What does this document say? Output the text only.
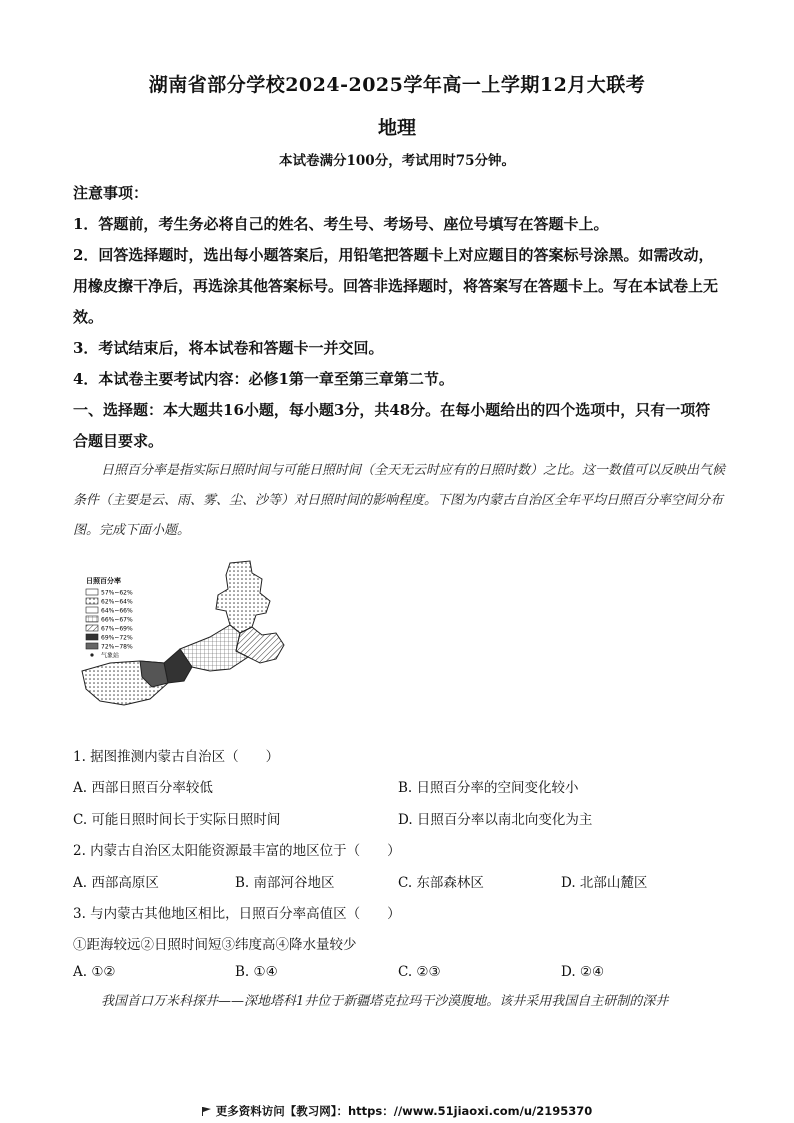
湖南省部分学校2024-2025学年高一上学期12月大联考
地理
本试卷满分100分，考试用时75分钟。
注意事项：
1．答题前，考生务必将自己的姓名、考生号、考场号、座位号填写在答题卡上。
2．回答选择题时，选出每小题答案后，用铅笔把答题卡上对应题目的答案标号涂黑。如需改动，用橡皮擦干净后，再选涂其他答案标号。回答非选择题时，将答案写在答题卡上。写在本试卷上无效。
3．考试结束后，将本试卷和答题卡一并交回。
4．本试卷主要考试内容：必修1第一章至第三章第二节。
一、选择题：本大题共16小题，每小题3分，共48分。在每小题给出的四个选项中，只有一项符合题目要求。
日照百分率是指实际日照时间与可能日照时间（全天无云时应有的日照时数）之比。这一数值可以反映出气候条件（主要是云、雨、雾、尘、沙等）对日照时间的影响程度。下图为内蒙古自治区全年平均日照百分率空间分布图。完成下面小题。
日照百分率
57%~62%
62%~64%
64%~66%
66%~67%
67%~69%
69%~72%
72%~78%
气象站
1. 据图推测内蒙古自治区（　　）
A. 西部日照百分率较低	B. 日照百分率的空间变化较小
C. 可能日照时间长于实际日照时间	D. 日照百分率以南北向变化为主
2. 内蒙古自治区太阳能资源最丰富的地区位于（　　）
A. 西部高原区	B. 南部河谷地区	C. 东部森林区	D. 北部山麓区
3. 与内蒙古其他地区相比，日照百分率高值区（　　）
①距海较远②日照时间短③纬度高④降水量较少
A. ①②	B. ①④	C. ②③	D. ②④
我国首口万米科探井——深地塔科1井位于新疆塔克拉玛干沙漠腹地。该井采用我国自主研制的深井
更多资料访问【教习网】：https：//www.51jiaoxi.com/u/2195370
